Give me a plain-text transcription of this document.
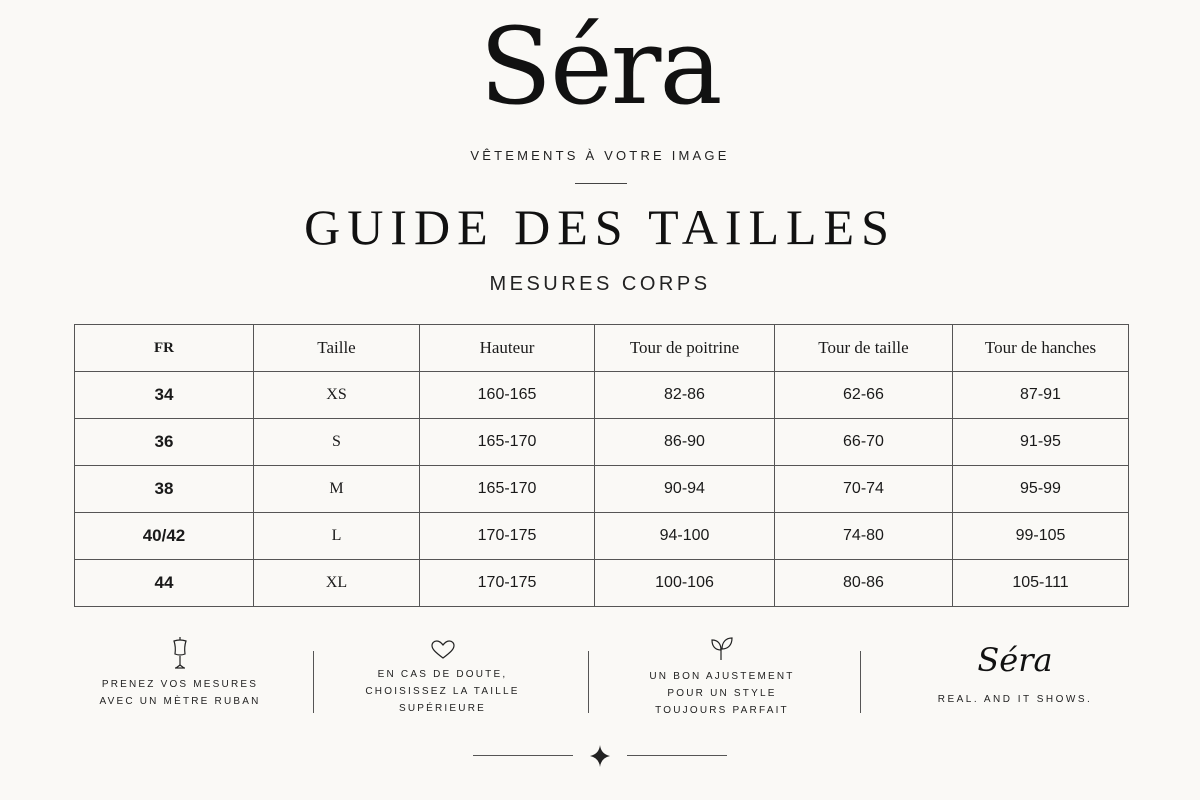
Séra
VÊTEMENTS À VOTRE IMAGE
GUIDE DES TAILLES
MESURES CORPS
FR	Taille	Hauteur	Tour de poitrine	Tour de taille	Tour de hanches
34	XS	160-165	82-86	62-66	87-91
36	S	165-170	86-90	66-70	91-95
38	M	165-170	90-94	70-74	95-99
40/42	L	170-175	94-100	74-80	99-105
44	XL	170-175	100-106	80-86	105-111
PRENEZ VOS MESURES
AVEC UN MÈTRE RUBAN
EN CAS DE DOUTE,
CHOISISSEZ LA TAILLE
SUPÉRIEURE
UN BON AJUSTEMENT
POUR UN STYLE
TOUJOURS PARFAIT
Séra
REAL. AND IT SHOWS.
